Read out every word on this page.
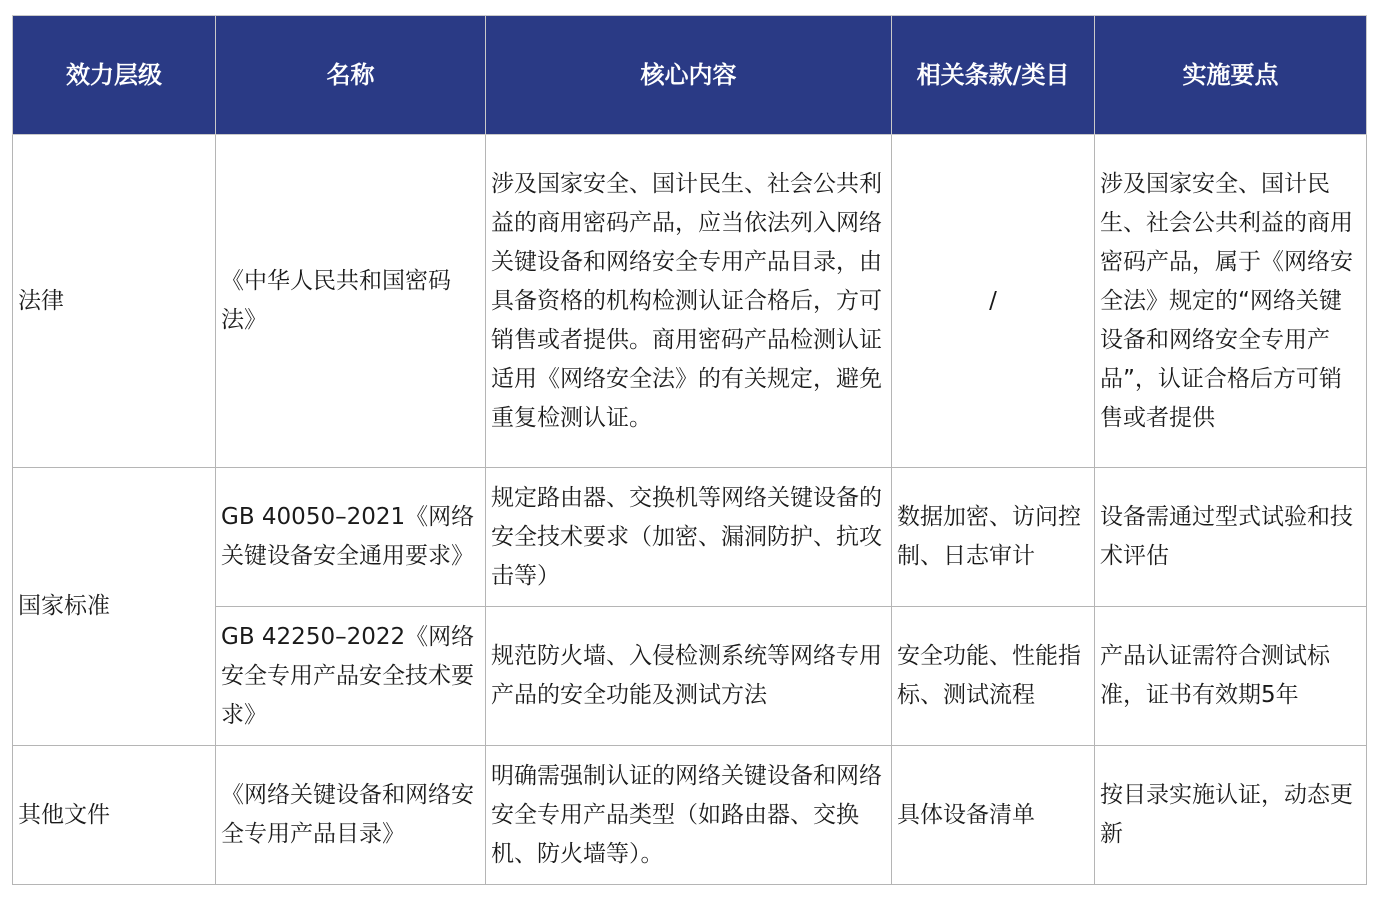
效力层级	名称	核心内容	相关条款/类目	实施要点
法律	《中华人民共和国密码法》	涉及国家安全、国计民生、社会公共利益的商用密码产品，应当依法列入网络关键设备和网络安全专用产品目录，由具备资格的机构检测认证合格后，方可销售或者提供。商用密码产品检测认证适用《网络安全法》的有关规定，避免重复检测认证。	/	涉及国家安全、国计民生、社会公共利益的商用密码产品，属于《网络安全法》规定的“网络关键设备和网络安全专用产品”，认证合格后方可销售或者提供
国家标准	GB 40050–2021《网络关键设备安全通用要求》	规定路由器、交换机等网络关键设备的安全技术要求（加密、漏洞防护、抗攻击等）	数据加密、访问控制、日志审计	设备需通过型式试验和技术评估
	GB 42250–2022《网络安全专用产品安全技术要求》	规范防火墙、入侵检测系统等网络专用产品的安全功能及测试方法	安全功能、性能指标、测试流程	产品认证需符合测试标准，证书有效期5年
其他文件	《网络关键设备和网络安全专用产品目录》	明确需强制认证的网络关键设备和网络安全专用产品类型（如路由器、交换机、防火墙等）。	具体设备清单	按目录实施认证，动态更新
